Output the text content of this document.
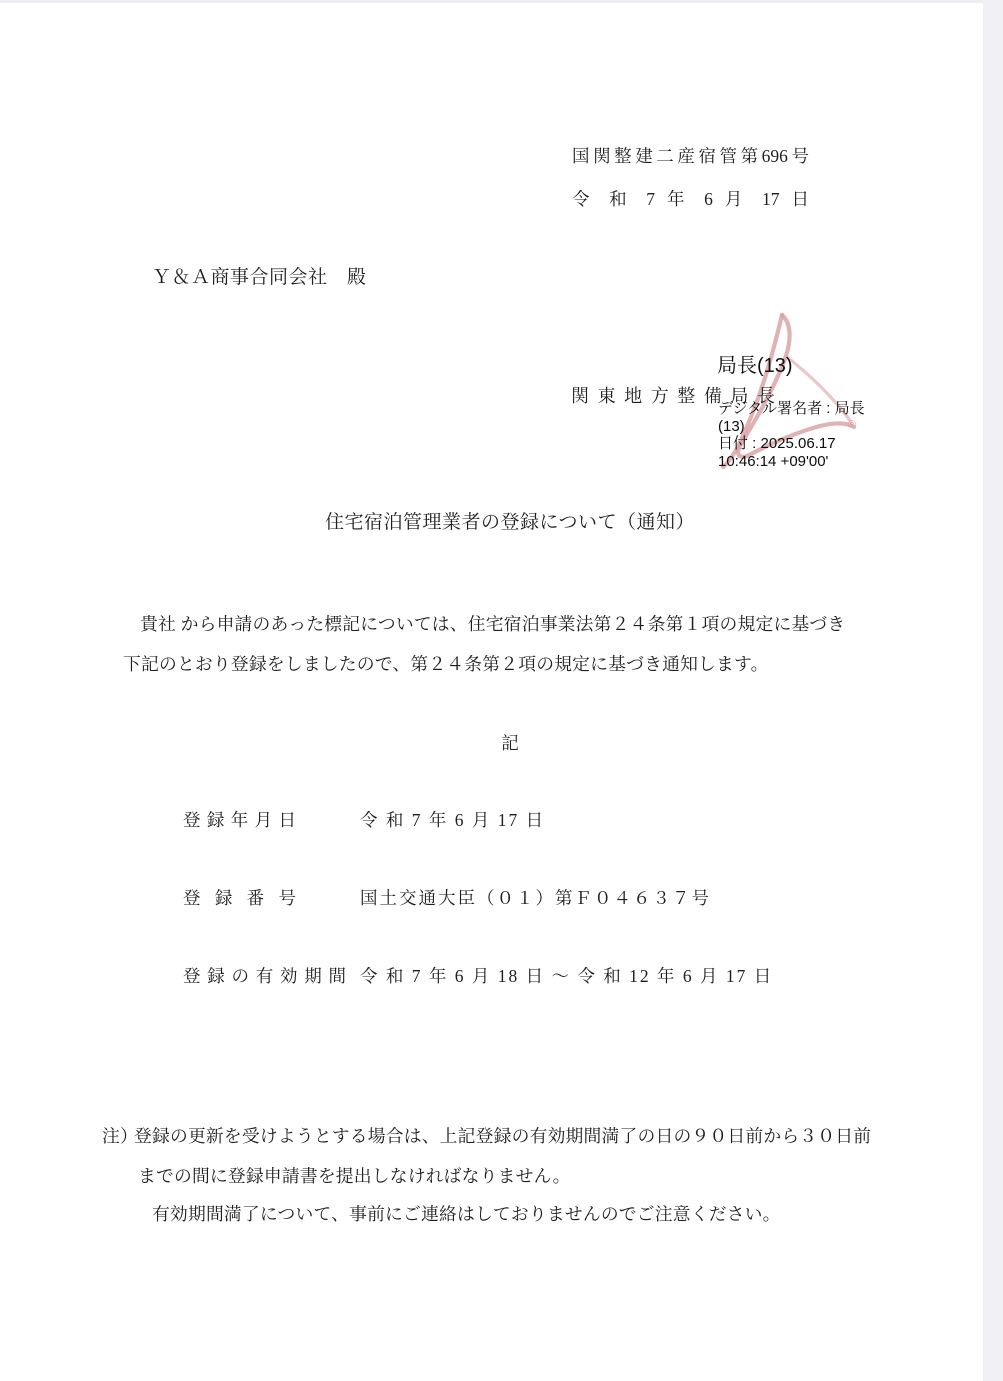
国関整建二産宿管第696号
令 和 7 年 6 月 17 日
Ｙ＆Ａ商事合同会社　殿
®
局長(13)
関東地方整備局長
デジタル署名者 : 局長
(13)
日付 : 2025.06.17
10:46:14 +09'00'
住宅宿泊管理業者の登録について（通知）
貴社 から申請のあった標記については、住宅宿泊事業法第２４条第１項の規定に基づき
下記のとおり登録をしましたので、第２４条第２項の規定に基づき通知します。
記
登録年月日	令 和 7 年 6 月 17 日
登録番号	国土交通大臣（０１）第Ｆ０４６３７号
登録の有効期間 令 和 7 年 6 月 18 日 ～ 令 和 12 年 6 月 17 日
注）
登録の更新を受けようとする場合は、上記登録の有効期間満了の日の９０日前から３０日前
までの間に登録申請書を提出しなければなりません。
有効期間満了について、事前にご連絡はしておりませんのでご注意ください。
